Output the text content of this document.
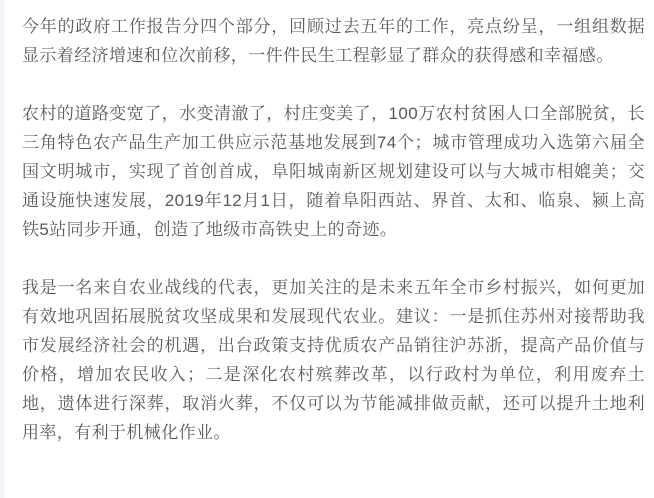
今年的政府工作报告分四个部分，回顾过去五年的工作，亮点纷呈，一组组数据显示着经济增速和位次前移，一件件民生工程彰显了群众的获得感和幸福感。

农村的道路变宽了，水变清澈了，村庄变美了，100万农村贫困人口全部脱贫，长三角特色农产品生产加工供应示范基地发展到74个；城市管理成功入选第六届全国文明城市，实现了首创首成，阜阳城南新区规划建设可以与大城市相媲美；交通设施快速发展，2019年12月1日，随着阜阳西站、界首、太和、临泉、颍上高铁5站同步开通，创造了地级市高铁史上的奇迹。

我是一名来自农业战线的代表，更加关注的是未来五年全市乡村振兴，如何更加有效地巩固拓展脱贫攻坚成果和发展现代农业。建议：一是抓住苏州对接帮助我市发展经济社会的机遇，出台政策支持优质农产品销往沪苏浙，提高产品价值与价格，增加农民收入；二是深化农村殡葬改革，以行政村为单位，利用废弃土地，遗体进行深葬，取消火葬，不仅可以为节能减排做贡献，还可以提升土地利用率，有利于机械化作业。
